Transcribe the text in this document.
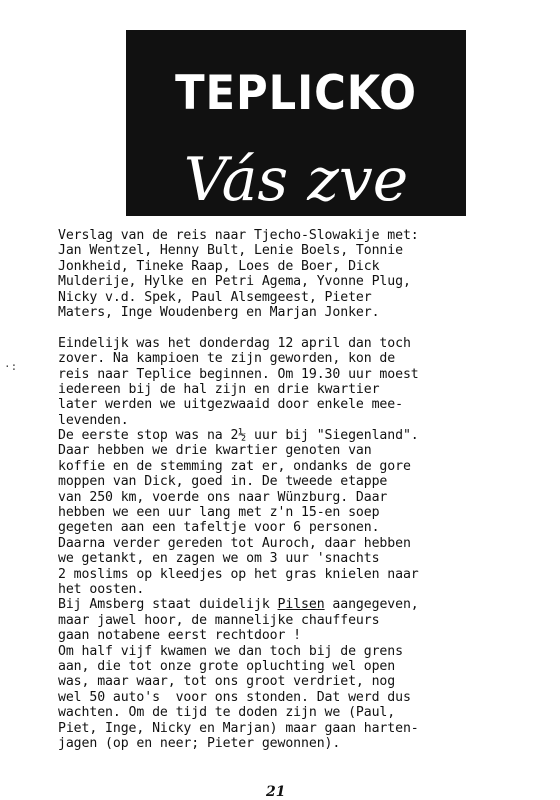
TEPLICKO
Vás zve
·:
Verslag van de reis naar Tjecho-Slowakije met:
Jan Wentzel, Henny Bult, Lenie Boels, Tonnie
Jonkheid, Tineke Raap, Loes de Boer, Dick
Mulderije, Hylke en Petri Agema, Yvonne Plug,
Nicky v.d. Spek, Paul Alsemgeest, Pieter
Maters, Inge Woudenberg en Marjan Jonker.
Eindelijk was het donderdag 12 april dan toch
zover. Na kampioen te zijn geworden, kon de
reis naar Teplice beginnen. Om 19.30 uur moest
iedereen bij de hal zijn en drie kwartier
later werden we uitgezwaaid door enkele mee-
levenden.
De eerste stop was na 2½ uur bij "Siegenland".
Daar hebben we drie kwartier genoten van
koffie en de stemming zat er, ondanks de gore
moppen van Dick, goed in. De tweede etappe
van 250 km, voerde ons naar Wünzburg. Daar
hebben we een uur lang met z'n 15-en soep
gegeten aan een tafeltje voor 6 personen.
Daarna verder gereden tot Auroch, daar hebben
we getankt, en zagen we om 3 uur 'snachts
2 moslims op kleedjes op het gras knielen naar
het oosten.
Bij Amsberg staat duidelijk Pilsen aangegeven,
maar jawel hoor, de mannelijke chauffeurs
gaan notabene eerst rechtdoor !
Om half vijf kwamen we dan toch bij de grens
aan, die tot onze grote opluchting wel open
was, maar waar, tot ons groot verdriet, nog
wel 50 auto's  voor ons stonden. Dat werd dus
wachten. Om de tijd te doden zijn we (Paul,
Piet, Inge, Nicky en Marjan) maar gaan harten-
jagen (op en neer; Pieter gewonnen).
21
